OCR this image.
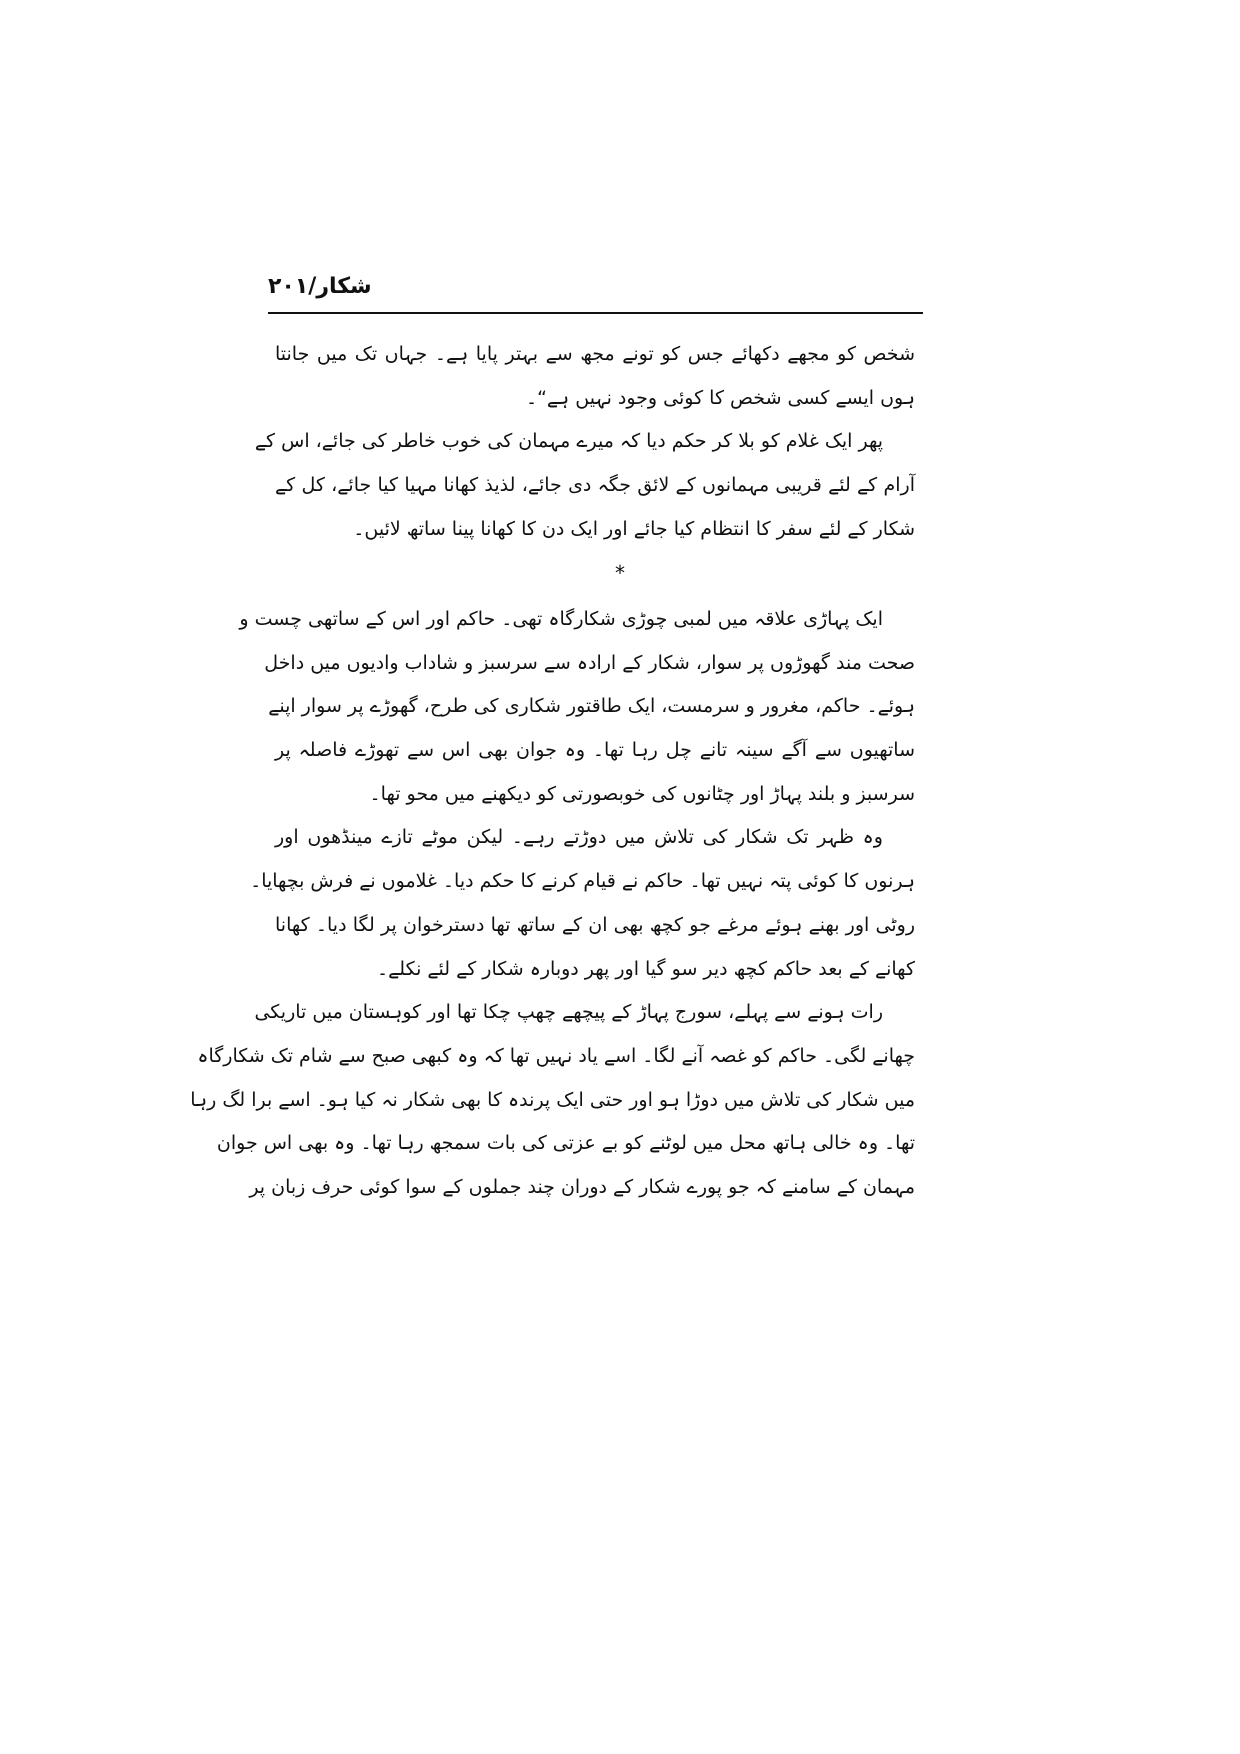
شکار/۲۰۱
شخص کو مجھے دکھائے جس کو تونے مجھ سے بہتر پایا ہے۔ جہاں تک میں جانتا
ہوں ایسے کسی شخص کا کوئی وجود نہیں ہے“۔
پھر ایک غلام کو بلا کر حکم دیا کہ میرے مہمان کی خوب خاطر کی جائے، اس کے
آرام کے لئے قریبی مہمانوں کے لائق جگہ دی جائے، لذیذ کھانا مہیا کیا جائے، کل کے
شکار کے لئے سفر کا انتظام کیا جائے اور ایک دن کا کھانا پینا ساتھ لائیں۔
*
ایک پہاڑی علاقہ میں لمبی چوڑی شکارگاہ تھی۔ حاکم اور اس کے ساتھی چست و
صحت مند گھوڑوں پر سوار، شکار کے ارادہ سے سرسبز و شاداب وادیوں میں داخل
ہوئے۔ حاکم، مغرور و سرمست، ایک طاقتور شکاری کی طرح، گھوڑے پر سوار اپنے
ساتھیوں سے آگے سینہ تانے چل رہا تھا۔ وہ جوان بھی اس سے تھوڑے فاصلہ پر
سرسبز و بلند پہاڑ اور چٹانوں کی خوبصورتی کو دیکھنے میں محو تھا۔
وہ ظہر تک شکار کی تلاش میں دوڑتے رہے۔ لیکن موٹے تازے مینڈھوں اور
ہرنوں کا کوئی پتہ نہیں تھا۔ حاکم نے قیام کرنے کا حکم دیا۔ غلاموں نے فرش بچھایا۔
روٹی اور بھنے ہوئے مرغے جو کچھ بھی ان کے ساتھ تھا دسترخوان پر لگا دیا۔ کھانا
کھانے کے بعد حاکم کچھ دیر سو گیا اور پھر دوبارہ شکار کے لئے نکلے۔
رات ہونے سے پہلے، سورج پہاڑ کے پیچھے چھپ چکا تھا اور کوہستان میں تاریکی
چھانے لگی۔ حاکم کو غصہ آنے لگا۔ اسے یاد نہیں تھا کہ وہ کبھی صبح سے شام تک شکارگاہ
میں شکار کی تلاش میں دوڑا ہو اور حتی ایک پرندہ کا بھی شکار نہ کیا ہو۔ اسے برا لگ رہا
تھا۔ وہ خالی ہاتھ محل میں لوٹنے کو بے عزتی کی بات سمجھ رہا تھا۔ وہ بھی اس جوان
مہمان کے سامنے کہ جو پورے شکار کے دوران چند جملوں کے سوا کوئی حرف زبان پر
